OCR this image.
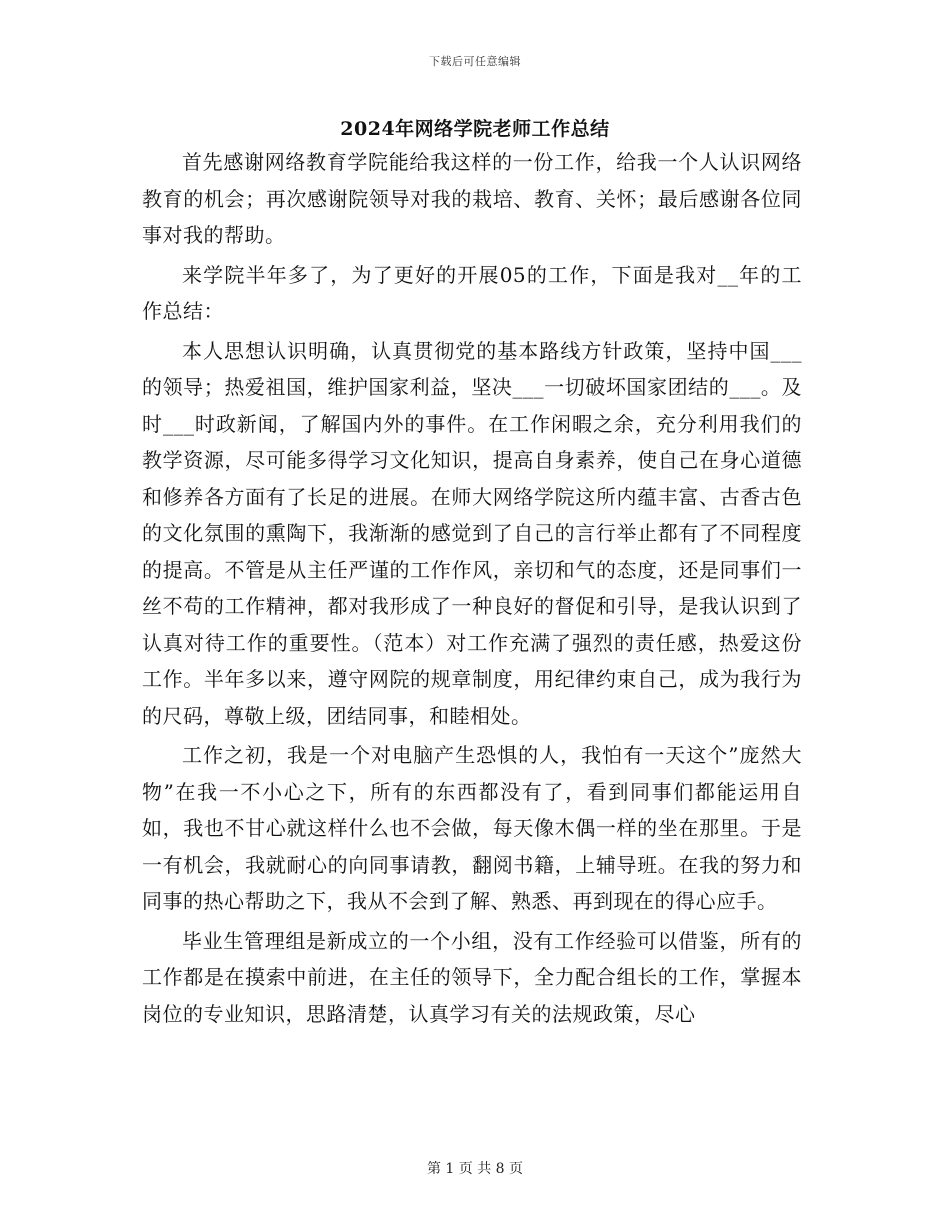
下载后可任意编辑
2024年网络学院老师工作总结

首先感谢网络教育学院能给我这样的一份工作，给我一个人认识网络教育的机会；再次感谢院领导对我的栽培、教育、关怀；最后感谢各位同事对我的帮助。

来学院半年多了，为了更好的开展05的工作，下面是我对__年的工作总结：

本人思想认识明确，认真贯彻党的基本路线方针政策，坚持中国___的领导；热爱祖国，维护国家利益，坚决___一切破坏国家团结的___。及时___时政新闻，了解国内外的事件。在工作闲暇之余，充分利用我们的教学资源，尽可能多得学习文化知识，提高自身素养，使自己在身心道德和修养各方面有了长足的进展。在师大网络学院这所内蕴丰富、古香古色的文化氛围的熏陶下，我渐渐的感觉到了自己的言行举止都有了不同程度的提高。不管是从主任严谨的工作作风，亲切和气的态度，还是同事们一丝不苟的工作精神，都对我形成了一种良好的督促和引导，是我认识到了认真对待工作的重要性。（范本）对工作充满了强烈的责任感，热爱这份工作。半年多以来，遵守网院的规章制度，用纪律约束自己，成为我行为的尺码，尊敬上级，团结同事，和睦相处。

工作之初，我是一个对电脑产生恐惧的人，我怕有一天这个”庞然大物”在我一不小心之下，所有的东西都没有了，看到同事们都能运用自如，我也不甘心就这样什么也不会做，每天像木偶一样的坐在那里。于是一有机会，我就耐心的向同事请教，翻阅书籍，上辅导班。在我的努力和同事的热心帮助之下，我从不会到了解、熟悉、再到现在的得心应手。

毕业生管理组是新成立的一个小组，没有工作经验可以借鉴，所有的工作都是在摸索中前进，在主任的领导下，全力配合组长的工作，掌握本岗位的专业知识，思路清楚，认真学习有关的法规政策，尽心

第 1 页 共 8 页
